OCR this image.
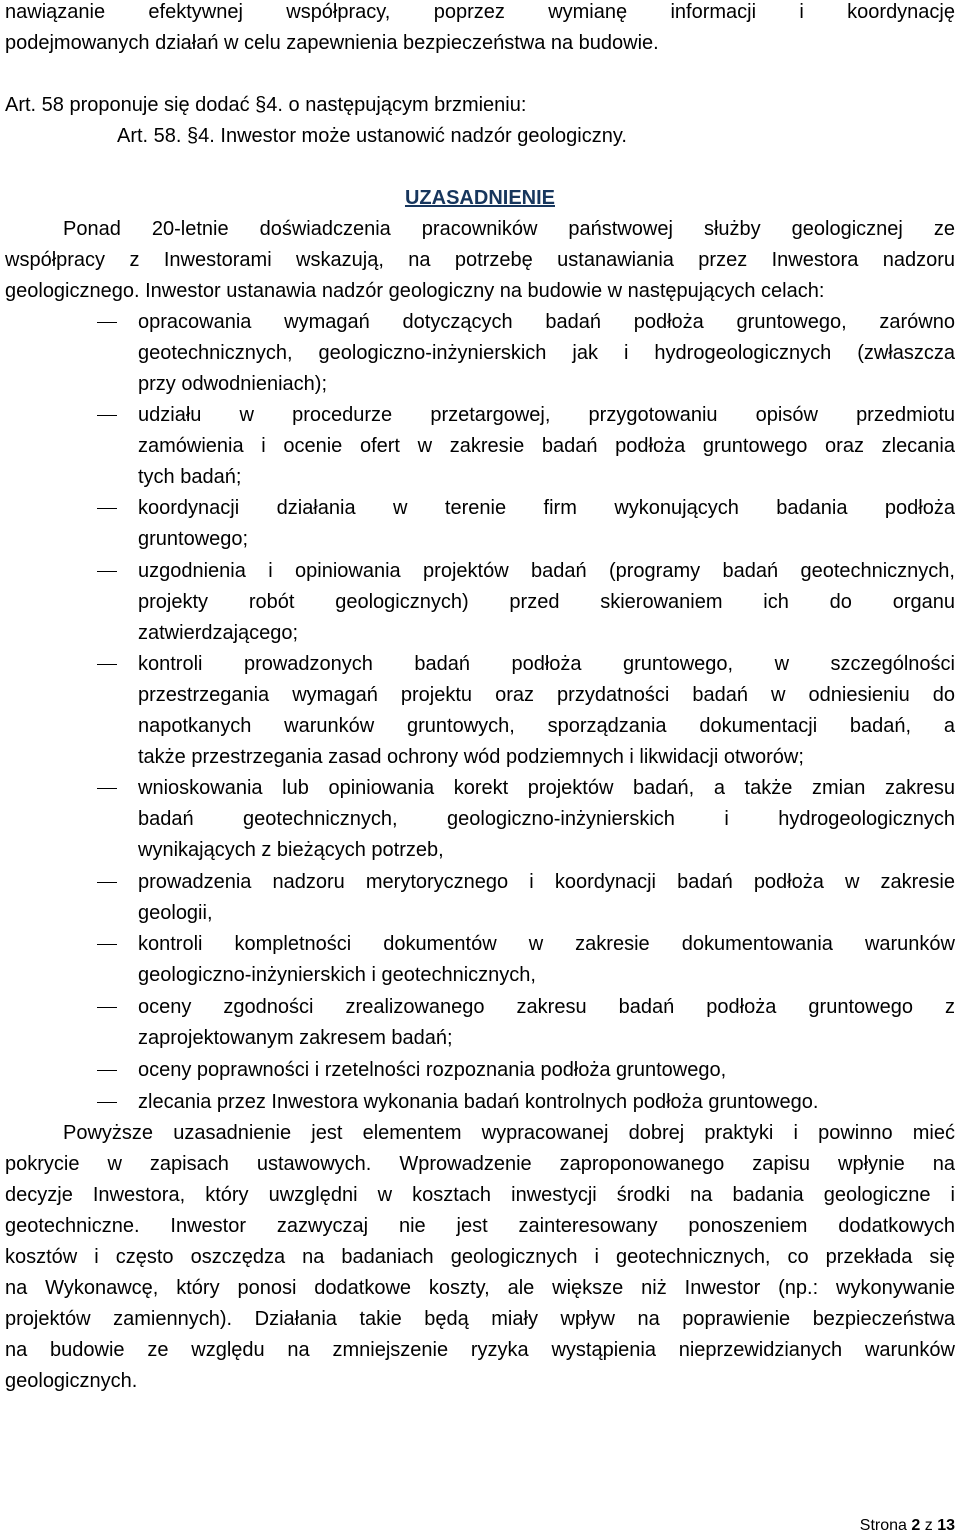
nawiązanie efektywnej współpracy, poprzez wymianę informacji i koordynację
podejmowanych działań w celu zapewnienia bezpieczeństwa na budowie.
Art. 58 proponuje się dodać §4. o następującym brzmieniu:
Art. 58. §4. Inwestor może ustanowić nadzór geologiczny.
UZASADNIENIE
Ponad 20-letnie doświadczenia pracowników państwowej służby geologicznej ze
współpracy z Inwestorami wskazują, na potrzebę ustanawiania przez Inwestora nadzoru
geologicznego. Inwestor ustanawia nadzór geologiczny na budowie w następujących celach:
opracowania wymagań dotyczących badań podłoża gruntowego, zarówno
geotechnicznych, geologiczno-inżynierskich jak i hydrogeologicznych (zwłaszcza
przy odwodnieniach);
udziału w procedurze przetargowej, przygotowaniu opisów przedmiotu
zamówienia i ocenie ofert w zakresie badań podłoża gruntowego oraz zlecania
tych badań;
koordynacji działania w terenie firm wykonujących badania podłoża
gruntowego;
uzgodnienia i opiniowania projektów badań (programy badań geotechnicznych,
projekty robót geologicznych) przed skierowaniem ich do organu
zatwierdzającego;
kontroli prowadzonych badań podłoża gruntowego, w szczególności
przestrzegania wymagań projektu oraz przydatności badań w odniesieniu do
napotkanych warunków gruntowych, sporządzania dokumentacji badań, a
także przestrzegania zasad ochrony wód podziemnych i likwidacji otworów;
wnioskowania lub opiniowania korekt projektów badań, a także zmian zakresu
badań geotechnicznych, geologiczno-inżynierskich i hydrogeologicznych
wynikających z bieżących potrzeb,
prowadzenia nadzoru merytorycznego i koordynacji badań podłoża w zakresie
geologii,
kontroli kompletności dokumentów w zakresie dokumentowania warunków
geologiczno-inżynierskich i geotechnicznych,
oceny zgodności zrealizowanego zakresu badań podłoża gruntowego z
zaprojektowanym zakresem badań;
oceny poprawności i rzetelności rozpoznania podłoża gruntowego,
zlecania przez Inwestora wykonania badań kontrolnych podłoża gruntowego.
Powyższe uzasadnienie jest elementem wypracowanej dobrej praktyki i powinno mieć
pokrycie w zapisach ustawowych. Wprowadzenie zaproponowanego zapisu wpłynie na
decyzje Inwestora, który uwzględni w kosztach inwestycji środki na badania geologiczne i
geotechniczne. Inwestor zazwyczaj nie jest zainteresowany ponoszeniem dodatkowych
kosztów i często oszczędza na badaniach geologicznych i geotechnicznych, co przekłada się
na Wykonawcę, który ponosi dodatkowe koszty, ale większe niż Inwestor (np.: wykonywanie
projektów zamiennych). Działania takie będą miały wpływ na poprawienie bezpieczeństwa
na budowie ze względu na zmniejszenie ryzyka wystąpienia nieprzewidzianych warunków
geologicznych.
Strona 2 z 13
